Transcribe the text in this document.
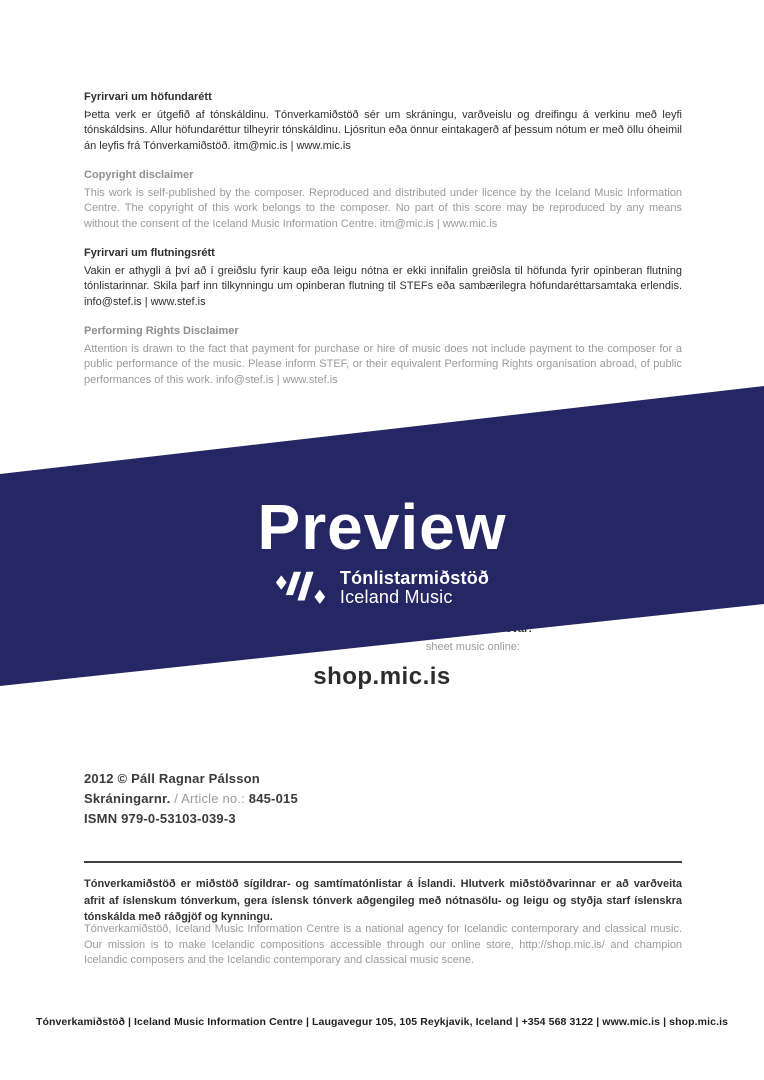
Fyrirvari um höfundarétt

Þetta verk er útgefið af tónskáldinu. Tónverkamiðstöð sér um skráningu, varðveislu og dreifingu á verkinu með leyfi tónskáldsins. Allur höfundaréttur tilheyrir tónskáldinu. Ljósritun eða önnur eintakagerð af þessum nótum er með öllu óheimil án leyfis frá Tónverkamiðstöð. itm@mic.is | www.mic.is

Copyright disclaimer

This work is self-published by the composer. Reproduced and distributed under licence by the Iceland Music Information Centre. The copyright of this work belongs to the composer. No part of this score may be reproduced by any means without the consent of the Iceland Music Information Centre. itm@mic.is | www.mic.is

Fyrirvari um flutningsrétt

Vakin er athygli á því að í greiðslu fyrir kaup eða leigu nótna er ekki innifalin greiðsla til höfunda fyrir opinberan flutning tónlistarinnar. Skila þarf inn tilkynningu um opinberan flutning til STEFs eða sambærilegra höfundaréttarsamtaka erlendis. info@stef.is | www.stef.is

Performing Rights Disclaimer

Attention is drawn to the fact that payment for purchase or hire of music does not include payment to the composer for a public performance of the music. Please inform STEF, or their equivalent Performing Rights organisation abroad, of public performances of this work. info@stef.is | www.stef.is

sheet music online:
shop.mic.is
Preview
Tónlistarmiðstöð
Iceland Music
2012 © Páll Ragnar Pálsson
Skráningarnr. / Article no.: 845-015
ISMN 979-0-53103-039-3

Tónverkamiðstöð er miðstöð sígildrar- og samtímatónlistar á Íslandi. Hlutverk miðstöðvarinnar er að varðveita afrit af íslenskum tónverkum, gera íslensk tónverk aðgengileg með nótnasölu- og leigu og styðja starf íslenskra tónskálda með ráðgjöf og kynningu.

Tónverkamiðstöð, Iceland Music Information Centre is a national agency for Icelandic contemporary and classical music. Our mission is to make Icelandic compositions accessible through our online store, http://shop.mic.is/ and champion Icelandic composers and the Icelandic contemporary and classical music scene.

Tónverkamiðstöð | Iceland Music Information Centre | Laugavegur 105, 105 Reykjavik, Iceland | +354 568 3122 | www.mic.is | shop.mic.is
